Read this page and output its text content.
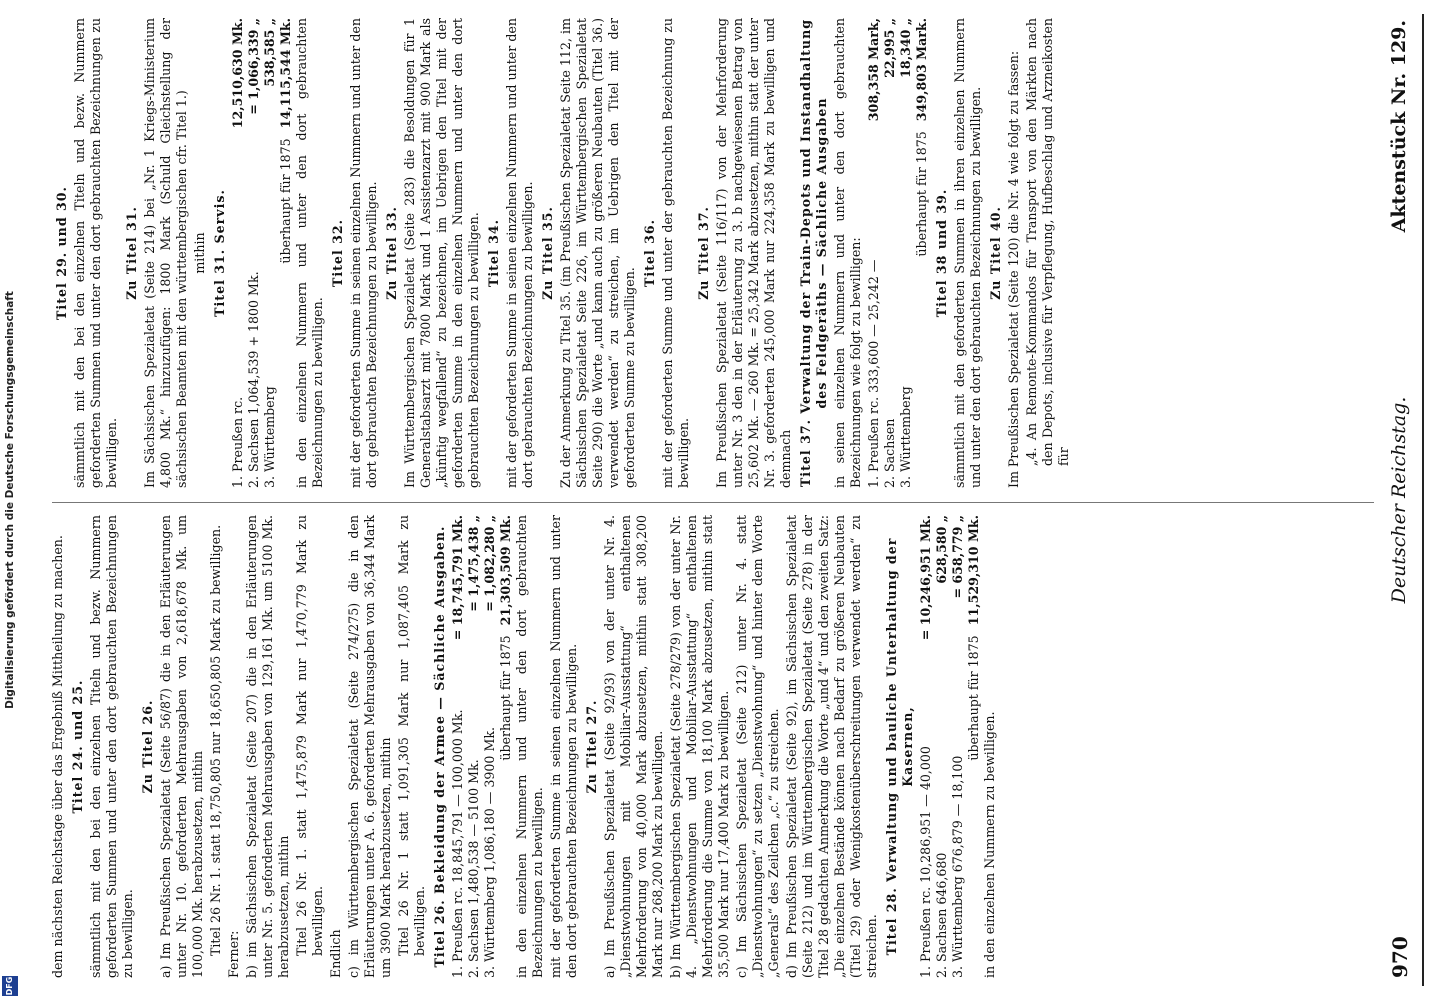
970
Deutscher Reichstag.
Aktenstück Nr. 129.

dem nächsten Reichstage über das Ergebniß Mittheilung zu machen. Titel 24. und 25. sämmtlich mit den bei den einzelnen Titeln und bezw. Nummern geforderten Summen und unter den dort gebrauchten Bezeichnungen zu bewilligen.

Zu Titel 26. a) Im Preußischen Spezialetat (Seite 56/87) die in den Erläuterungen unter Nr. 10. geforderten Mehrausgaben von 2,618,678 Mk. um 100,000 Mk. herabzusetzen, mithin Titel 26 Nr. 1. statt 18,750,805 nur 18,650,805 Mark zu bewilligen. Ferner: b) im Sächsischen Spezialetat (Seite 207) die in den Erläuterungen unter Nr. 5. geforderten Mehrausgaben von 129,161 Mk. um 5100 Mk. herabzusetzen, mithin Titel 26 Nr. 1. statt 1,475,879 Mark nur 1,470,779 Mark zu bewilligen. Endlich c) im Württembergischen Spezialetat (Seite 274/275) die in den Erläuterungen unter A. 6. geforderten Mehrausgaben von 36,344 Mark um 3900 Mark herabzusetzen, mithin Titel 26 Nr. 1 statt 1,091,305 Mark nur 1,087,405 Mark zu bewilligen. Titel 26. Bekleidung der Armee — Sächliche Ausgaben. 1. Preußen rc. 18,845,791 — 100,000 Mk.
= 18,745,791 Mk.
2. Sachsen 1,480,538 — 5100 Mk.
= 1,475,438 „
3. Württemberg 1,086,180 — 3900 Mk.
= 1,082,280 „
überhaupt für 1875
21,303,509 Mk. in den einzelnen Nummern und unter den dort gebrauchten Bezeichnungen zu bewilligen. mit der geforderten Summe in seinen einzelnen Nummern und unter den dort gebrauchten Bezeichnungen zu bewilligen. Zu Titel 27. a) Im Preußischen Spezialetat (Seite 92/93) von der unter Nr. 4. „Dienstwohnungen mit Mobiliar-Ausstattung“ enthaltenen Mehrforderung von 40,000 Mark abzusetzen, mithin statt 308,200 Mark nur 268,200 Mark zu bewilligen. b) Im Württembergischen Spezialetat (Seite 278/279) von der unter Nr. 4. „Dienstwohnungen und Mobiliar-Ausstattung“ enthaltenen Mehrforderung die Summe von 18,100 Mark abzusetzen, mithin statt 35,500 Mark nur 17,400 Mark zu bewilligen. c) Im Sächsischen Spezialetat (Seite 212) unter Nr. 4. statt „Dienstwohnungen“ zu setzen „Dienstwohnung“ und hinter dem Worte „Generals“ des Zeilchen „c.“ zu streichen. d) Im Preußischen Spezialetat (Seite 92), im Sächsischen Spezialetat (Seite 212) und im Württembergischen Spezialetat (Seite 278) in der Titel 28 gedachten Anmerkung die Worte „und 4“ und den zweiten Satz: „Die einzelnen Bestände können nach Bedarf zu größeren Neubauten (Titel 29) oder Wenigkostenüberschreitungen verwendet werden“ zu streichen. Titel 28. Verwaltung und bauliche Unterhaltung der Kasernen, 1. Preußen rc. 10,286,951 — 40,000
= 10,246,951 Mk.
2. Sachsen 646,680
628,580 „
3. Württemberg 676,879 — 18,100
= 658,779 „
überhaupt für 1875
11,529,310 Mk.

in den einzelnen Nummern zu bewilligen.

Titel 29. und 30. sämmtlich mit den bei den einzelnen Titeln und bezw. Nummern geforderten Summen und unter den dort gebrauchten Bezeichnungen zu bewilligen.

Zu Titel 31. Im Sächsischen Spezialetat (Seite 214) bei „Nr. 1 Kriegs-Ministerium 4,800 Mk.“ hinzuzufügen: 1800 Mark (Schuld Gleichstellung der sächsischen Beamten mit den württembergischen cfr. Titel 1.) mithin Titel 31. Servis.

1. Preußen rc.
12,510,630 Mk.
2. Sachsen 1,064,539 + 1800 Mk.
= 1,066,339 „
3. Württemberg
538,585 „
überhaupt für 1875
14,115,544 Mk. in den einzelnen Nummern und unter den dort gebrauchten Bezeichnungen zu bewilligen.

Titel 32. mit der geforderten Summe in seinen einzelnen Nummern und unter den dort gebrauchten Bezeichnungen zu bewilligen. Zu Titel 33. Im Württembergischen Spezialetat (Seite 283) die Besoldungen für 1 Generalstabsarzt mit 7800 Mark und 1 Assistenzarzt mit 900 Mark als „künftig wegfallend“ zu bezeichnen, im Uebrigen den Titel mit der geforderten Summe in den einzelnen Nummern und unter den dort gebrauchten Bezeichnungen zu bewilligen. Titel 34. mit der geforderten Summe in seinen einzelnen Nummern und unter den dort gebrauchten Bezeichnungen zu bewilligen. Zu Titel 35. Zu der Anmerkung zu Titel 35. (im Preußischen Spezialetat Seite 112, im Sächsischen Spezialetat Seite 226, im Württembergischen Spezialetat Seite 290) die Worte „und kann auch zu größeren Neubauten (Titel 36.) verwendet werden“ zu streichen, im Uebrigen den Titel mit der geforderten Summe zu bewilligen.

Titel 36. mit der geforderten Summe und unter der gebrauchten Bezeichnung zu bewilligen.

Zu Titel 37. Im Preußischen Spezialetat (Seite 116/117) von der Mehrforderung unter Nr. 3 den in der Erläuterung zu 3. b nachgewiesenen Betrag von 25,602 Mk. — 260 Mk. = 25,342 Mark abzusetzen, mithin statt der unter Nr. 3. geforderten 245,000 Mark nur 224,358 Mark zu bewilligen und demnach Titel 37. Verwaltung der Train-Depots und Instandhaltung des Feldgeräths — Sächliche Ausgaben in seinen einzelnen Nummern und unter den dort gebrauchten Bezeichnungen wie folgt zu bewilligen: 1. Preußen rc. 333,600 — 25,242 —
308,358 Mark,
2. Sachsen
22,995 „
3. Württemberg
18,340 „
überhaupt für 1875
349,803 Mark.

Titel 38 und 39. sämmtlich mit den geforderten Summen in ihren einzelnen Nummern und unter den dort gebrauchten Bezeichnungen zu bewilligen. Zu Titel 40. Im Preußischen Spezialetat (Seite 120) die Nr. 4 wie folgt zu fassen: „4. An Remonte-Kommandos für Transport von den Märkten nach den Depots, inclusive für Verpflegung, Hufbeschlag und Arzneikosten für

DFG
Digitalisierung gefördert durch die Deutsche Forschungsgemeinschaft
